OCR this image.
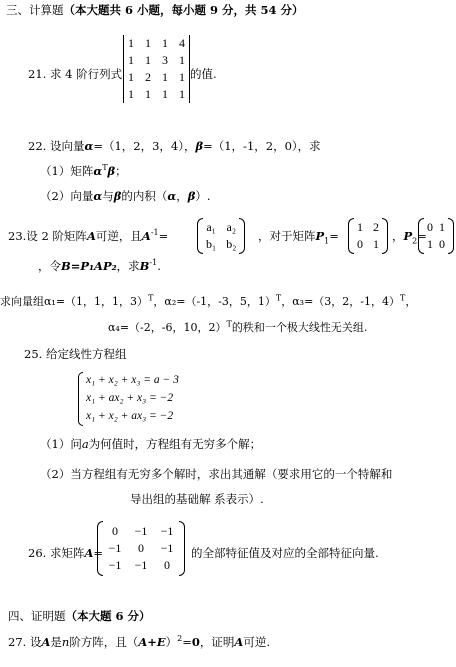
三、计算题（本大题共 6 小题，每小题 9 分，共 54 分）
21. 求 4 阶行列式
1 1 1 4
1 1 3 1
1 2 1 1
1 1 1 1
的值.
22. 设向量α=（1，2，3，4），β=（1，-1，2，0），求
（1）矩阵$\alpha^T\beta$；
（2）向量α与β的内积（α，β）.
23.设 2 阶矩阵A可逆，且$A^{-1}=$
a₁ a₂
b₁ b₂
，对于矩阵$P_1=$
1 2
0 1
，$P_2=$
0 1
1 0
，令B=P₁AP₂，求$B^{-1}$.
求向量组α₁=（1，1，1，3）$^T$，α₂=（-1，-3，5，1）$^T$，α₃=（3，2，-1，4）$^T$，
α₄=（-2，-6，10，2）$^T$的秩和一个极大线性无关组.
25. 给定线性方程组
x₁ + x₂ + x₃ = a − 3
x₁ + ax₂ + x₃ = −2
x₁ + x₂ + ax₃ = −2
（1）问a为何值时，方程组有无穷多个解；
（2）当方程组有无穷多个解时，求出其通解（要求用它的一个特解和
导出组的基础解 系表示）.
26. 求矩阵A=
0	−1	−1
−1	0	−1
−1	−1	0
的全部特征值及对应的全部特征向量.
四、证明题（本大题 6 分）
27. 设A是n阶方阵，且$(A+E)^2=0$，证明A可逆.
